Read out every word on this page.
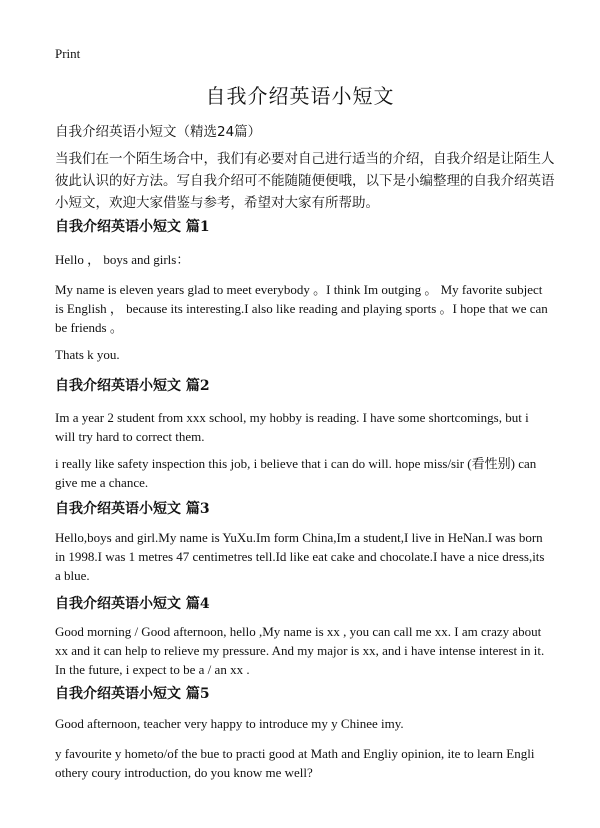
Print
自我介绍英语小短文
自我介绍英语小短文（精选24篇）

当我们在一个陌生场合中，我们有必要对自己进行适当的介绍，自我介绍是让陌生人彼此认识的好方法。写自我介绍可不能随随便便哦，以下是小编整理的自我介绍英语小短文，欢迎大家借鉴与参考，希望对大家有所帮助。

自我介绍英语小短文 篇1

Hello ， boys and girls：

My name is eleven years glad to meet everybody 。I think Im outging 。 My favorite subject is English ， because its interesting.I also like reading and playing sports 。I hope that we can be friends 。

Thats k you.

自我介绍英语小短文 篇2

Im a year 2 student from xxx school, my hobby is reading. I have some shortcomings, but i will try hard to correct them.

i really like safety inspection this job, i believe that i can do will. hope miss/sir (看性别) can give me a chance.

自我介绍英语小短文 篇3

Hello,boys and girl.My name is YuXu.Im form China,Im a student,I live in HeNan.I was born in 1998.I was 1 metres 47 centimetres tell.Id like eat cake and chocolate.I have a nice dress,its a blue.

自我介绍英语小短文 篇4

Good morning / Good afternoon, hello ,My name is xx , you can call me xx. I am crazy about xx and it can help to relieve my pressure. And my major is xx, and i have intense interest in it. In the future, i expect to be a / an xx .

自我介绍英语小短文 篇5

Good afternoon, teacher very happy to introduce my y Chinee imy.

y favourite y hometo/of the bue to practi good at Math and Engliy opinion, ite to learn Engli othery coury introduction, do you know me well?
